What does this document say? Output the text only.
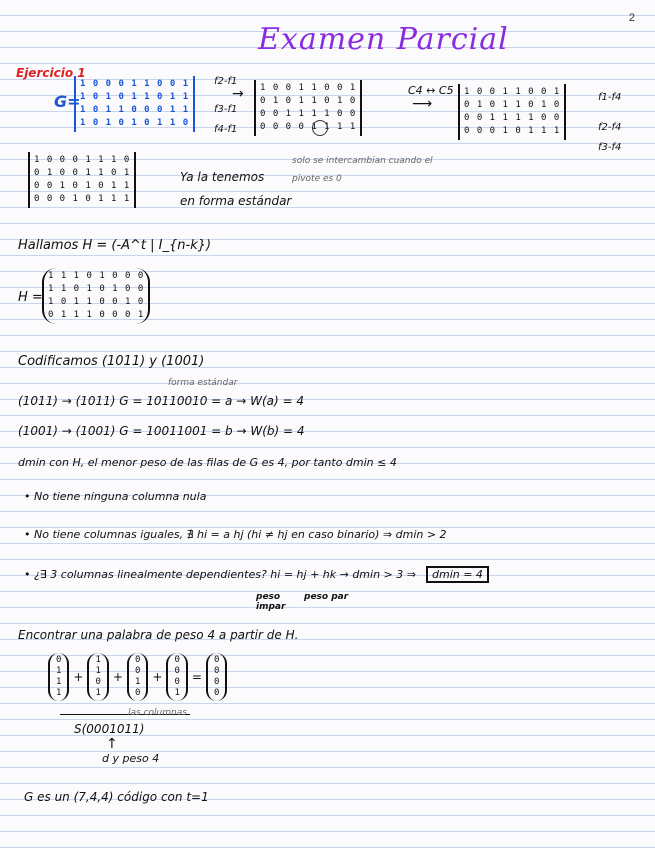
2
Examen Parcial
Ejercicio 1
G=
1 0 0 0 1 1 0 0 1
1 0 1 0 1 1 0 1 1
1 0 1 1 0 0 0 1 1
1 0 1 0 1 0 1 1 0
f2-f1
f3-f1
f4-f1
→ 1 0 0 1 1 0 0 1
0 1 0 1 1 0 1 0
0 0 1 1 1 1 0 0
0 0 0 0 1 1 1 1
C4 ↔ C5
⟶
solo se intercambian cuando el pivote es 0
1 0 0 1 1 0 0 1
0 1 0 1 1 0 1 0
0 0 1 1 1 1 0 0
0 0 0 1 0 1 1 1
f1-f4
f2-f4
f3-f4
1 0 0 0 1 1 1 0
0 1 0 0 1 1 0 1
0 0 1 0 1 0 1 1
0 0 0 1 0 1 1 1
Ya la tenemos
en forma estándar
Hallamos H = (-A^t | I_{n-k})
H =
1 1 1 0 1 0 0 0
1 1 0 1 0 1 0 0
1 0 1 1 0 0 1 0
0 1 1 1 0 0 0 1
Codificamos (1011) y (1001)
forma estándar
(1011) → (1011) G = 10110010 = a → W(a) = 4
(1001) → (1001) G = 10011001 = b → W(b) = 4
dmin con H, el menor peso de las filas de G es 4, por tanto dmin ≤ 4
• No tiene ninguna columna nula
• No tiene columnas iguales, ∄ hi = a hj (hi ≠ hj en caso binario) ⇒ dmin > 2
• ¿∃ 3 columnas linealmente dependientes? hi = hj + hk → dmin > 3 ⇒	dmin = 4
peso impar
peso par
Encontrar una palabra de peso 4 a partir de H.
0
1
1
1
+
1
1
0
1
+
0
0
1
0
+
0
0
0
1
=
0
0
0
0
las columnas
S(0001011)
↑
d y peso 4
G es un (7,4,4) código con t=1
